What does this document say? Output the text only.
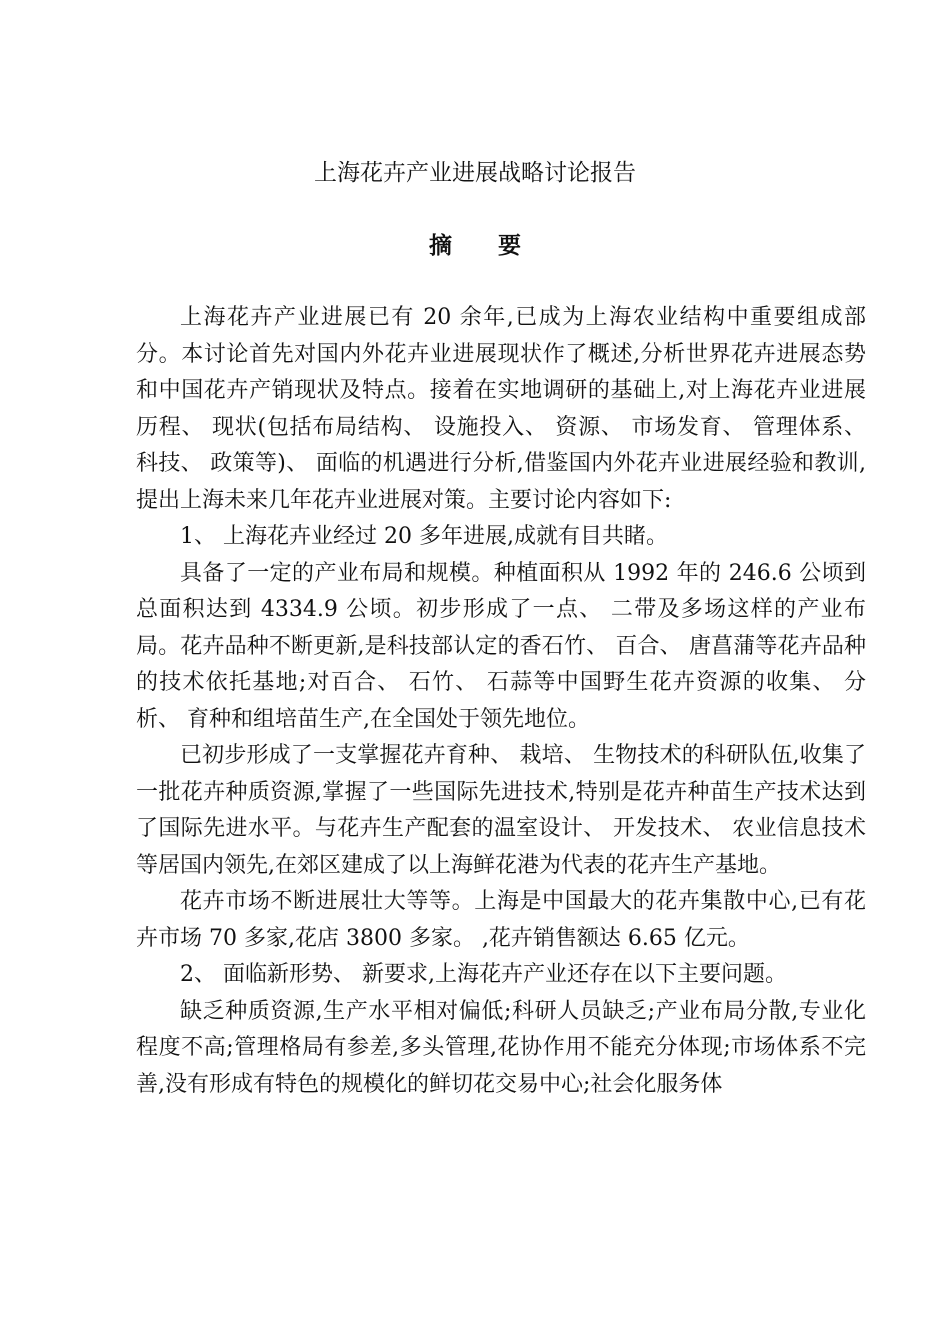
上海花卉产业进展战略讨论报告
摘 要

上海花卉产业进展已有 20 余年,已成为上海农业结构中重要组成部分。本讨论首先对国内外花卉业进展现状作了概述,分析世界花卉进展态势和中国花卉产销现状及特点。接着在实地调研的基础上,对上海花卉业进展历程、 现状(包括布局结构、 设施投入、 资源、 市场发育、 管理体系、 科技、 政策等)、 面临的机遇进行分析,借鉴国内外花卉业进展经验和教训,提出上海未来几年花卉业进展对策。主要讨论内容如下:

1、 上海花卉业经过 20 多年进展,成就有目共睹。

具备了一定的产业布局和规模。种植面积从 1992 年的 246.6 公顷到 总面积达到 4334.9 公顷。初步形成了一点、 二带及多场这样的产业布局。花卉品种不断更新,是科技部认定的香石竹、 百合、 唐菖蒲等花卉品种的技术依托基地;对百合、 石竹、 石蒜等中国野生花卉资源的收集、 分析、 育种和组培苗生产,在全国处于领先地位。

已初步形成了一支掌握花卉育种、 栽培、 生物技术的科研队伍,收集了一批花卉种质资源,掌握了一些国际先进技术,特别是花卉种苗生产技术达到了国际先进水平。与花卉生产配套的温室设计、 开发技术、 农业信息技术等居国内领先,在郊区建成了以上海鲜花港为代表的花卉生产基地。

花卉市场不断进展壮大等等。上海是中国最大的花卉集散中心,已有花卉市场 70 多家,花店 3800 多家。 ,花卉销售额达 6.65 亿元。

2、 面临新形势、 新要求,上海花卉产业还存在以下主要问题。

缺乏种质资源,生产水平相对偏低;科研人员缺乏;产业布局分散,专业化程度不高;管理格局有参差,多头管理,花协作用不能充分体现;市场体系不完善,没有形成有特色的规模化的鲜切花交易中心;社会化服务体
